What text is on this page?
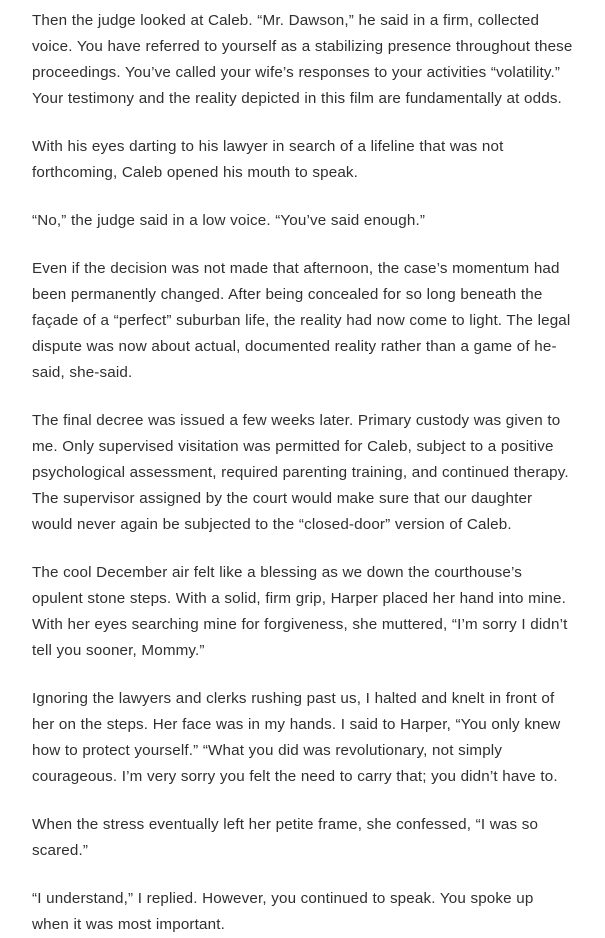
Then the judge looked at Caleb. “Mr. Dawson,” he said in a firm, collected voice. You have referred to yourself as a stabilizing presence throughout these proceedings. You’ve called your wife’s responses to your activities “volatility.” Your testimony and the reality depicted in this film are fundamentally at odds.

With his eyes darting to his lawyer in search of a lifeline that was not forthcoming, Caleb opened his mouth to speak.

“No,” the judge said in a low voice. “You’ve said enough.”

Even if the decision was not made that afternoon, the case’s momentum had been permanently changed. After being concealed for so long beneath the façade of a “perfect” suburban life, the reality had now come to light. The legal dispute was now about actual, documented reality rather than a game of he-said, she-said.

The final decree was issued a few weeks later. Primary custody was given to me. Only supervised visitation was permitted for Caleb, subject to a positive psychological assessment, required parenting training, and continued therapy. The supervisor assigned by the court would make sure that our daughter would never again be subjected to the “closed-door” version of Caleb.

The cool December air felt like a blessing as we down the courthouse’s opulent stone steps. With a solid, firm grip, Harper placed her hand into mine. With her eyes searching mine for forgiveness, she muttered, “I’m sorry I didn’t tell you sooner, Mommy.”

Ignoring the lawyers and clerks rushing past us, I halted and knelt in front of her on the steps. Her face was in my hands. I said to Harper, “You only knew how to protect yourself.” “What you did was revolutionary, not simply courageous. I’m very sorry you felt the need to carry that; you didn’t have to.

When the stress eventually left her petite frame, she confessed, “I was so scared.”

“I understand,” I replied. However, you continued to speak. You spoke up when it was most important.
